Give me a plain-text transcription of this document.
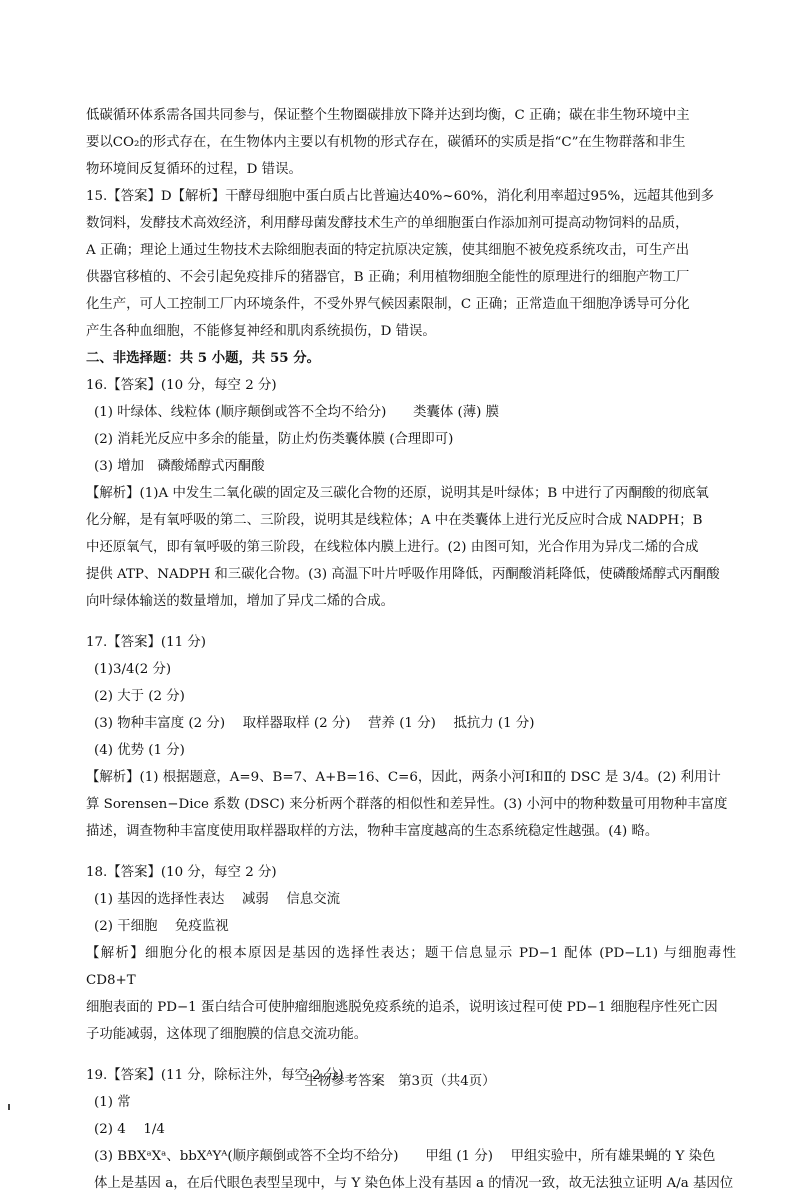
低碳循环体系需各国共同参与，保证整个生物圈碳排放下降并达到均衡，C 正确；碳在非生物环境中主

要以CO₂的形式存在，在生物体内主要以有机物的形式存在，碳循环的实质是指“C”在生物群落和非生

物环境间反复循环的过程，D 错误。

15.【答案】D【解析】干酵母细胞中蛋白质占比普遍达40%~60%，消化利用率超过95%，远超其他到多

数饲料，发酵技术高效经济，利用酵母菌发酵技术生产的单细胞蛋白作添加剂可提高动物饲料的品质，

A 正确；理论上通过生物技术去除细胞表面的特定抗原决定簇，使其细胞不被免疫系统攻击，可生产出

供器官移植的、不会引起免疫排斥的猪器官，B 正确；利用植物细胞全能性的原理进行的细胞产物工厂

化生产，可人工控制工厂内环境条件，不受外界气候因素限制，C 正确；正常造血干细胞净诱导可分化

产生各种血细胞，不能修复神经和肌肉系统损伤，D 错误。

二、非选择题：共 5 小题，共 55 分。

16.【答案】(10 分，每空 2 分)

(1) 叶绿体、线粒体 (顺序颠倒或答不全均不给分)　　类囊体 (薄) 膜

(2) 消耗光反应中多余的能量，防止灼伤类囊体膜 (合理即可)

(3) 增加　磷酸烯醇式丙酮酸

【解析】(1)A 中发生二氧化碳的固定及三碳化合物的还原，说明其是叶绿体；B 中进行了丙酮酸的彻底氧

化分解，是有氧呼吸的第二、三阶段，说明其是线粒体；A 中在类囊体上进行光反应时合成 NADPH；B

中还原氧气，即有氧呼吸的第三阶段，在线粒体内膜上进行。(2) 由图可知，光合作用为异戊二烯的合成

提供 ATP、NADPH 和三碳化合物。(3) 高温下叶片呼吸作用降低，丙酮酸消耗降低，使磷酸烯醇式丙酮酸

向叶绿体输送的数量增加，增加了异戊二烯的合成。

17.【答案】(11 分)

(1)3/4(2 分)

(2) 大于 (2 分)

(3) 物种丰富度 (2 分)　 取样器取样 (2 分)　 营养 (1 分)　 抵抗力 (1 分)

(4) 优势 (1 分)

【解析】(1) 根据题意，A=9、B=7、A+B=16、C=6，因此，两条小河Ⅰ和Ⅱ的 DSC 是 3/4。(2) 利用计

算 Sorensen−Dice 系数 (DSC) 来分析两个群落的相似性和差异性。(3) 小河中的物种数量可用物种丰富度

描述，调查物种丰富度使用取样器取样的方法，物种丰富度越高的生态系统稳定性越强。(4) 略。

18.【答案】(10 分，每空 2 分)

(1) 基因的选择性表达　 减弱　 信息交流

(2) 干细胞　 免疫监视

【解析】细胞分化的根本原因是基因的选择性表达；题干信息显示 PD−1 配体 (PD−L1) 与细胞毒性 CD8+T

细胞表面的 PD−1 蛋白结合可使肿瘤细胞逃脱免疫系统的追杀，说明该过程可使 PD−1 细胞程序性死亡因

子功能减弱，这体现了细胞膜的信息交流功能。

19.【答案】(11 分，除标注外，每空 2 分)

(1) 常

(2) 4　 1/4

(3) BBXᵃXᵃ、bbXᴬYᴬ(顺序颠倒或答不全均不给分)　　甲组 (1 分)　 甲组实验中，所有雄果蝇的 Y 染色

体上是基因 a，在后代眼色表型呈现中，与 Y 染色体上没有基因 a 的情况一致，故无法独立证明 A/a 基因位

生物参考答案　第3页（共4页）
